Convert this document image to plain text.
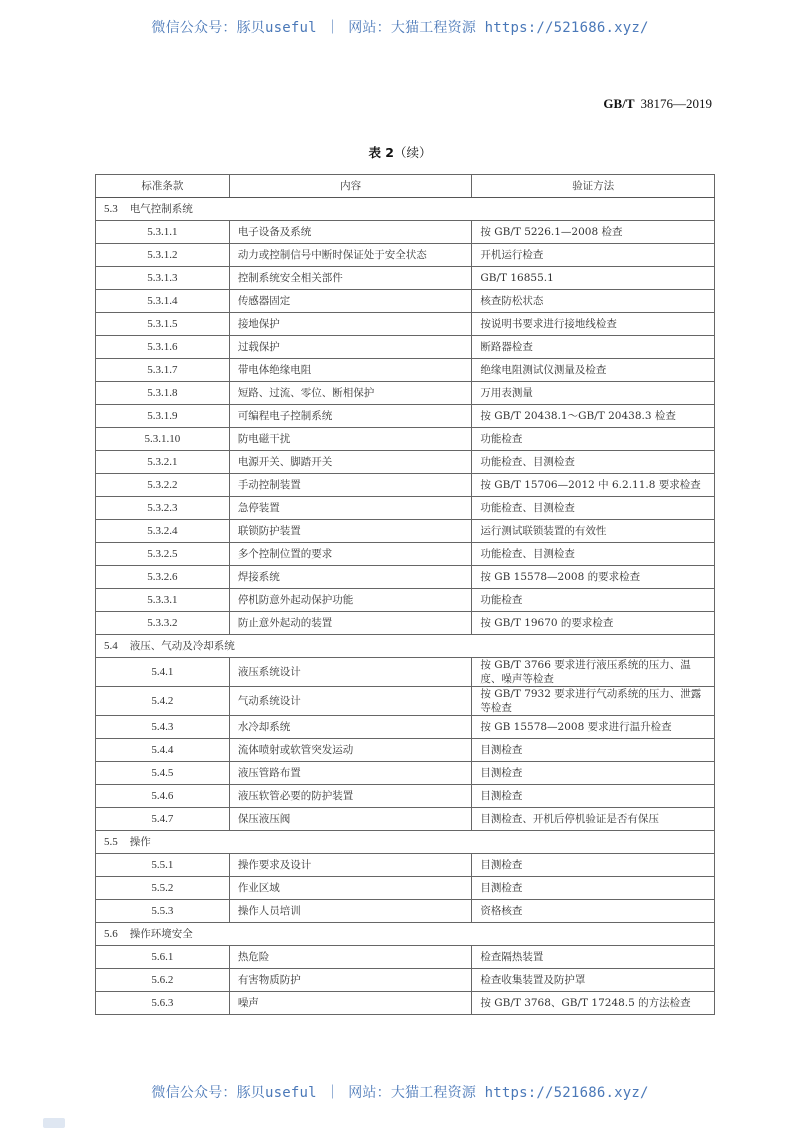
微信公众号：豚贝useful ｜ 网站：大猫工程资源 https://521686.xyz/
GB/T 38176—2019
表 2（续）
标准条款	内容	验证方法
5.3 电气控制系统		
5.3.1.1	电子设备及系统	按 GB/T 5226.1—2008 检查
5.3.1.2	动力或控制信号中断时保证处于安全状态	开机运行检查
5.3.1.3	控制系统安全相关部件	GB/T 16855.1
5.3.1.4	传感器固定	核查防松状态
5.3.1.5	接地保护	按说明书要求进行接地线检查
5.3.1.6	过载保护	断路器检查
5.3.1.7	带电体绝缘电阻	绝缘电阻测试仪测量及检查
5.3.1.8	短路、过流、零位、断相保护	万用表测量
5.3.1.9	可编程电子控制系统	按 GB/T 20438.1～GB/T 20438.3 检查
5.3.1.10	防电磁干扰	功能检查
5.3.2.1	电源开关、脚踏开关	功能检查、目测检查
5.3.2.2	手动控制装置	按 GB/T 15706—2012 中 6.2.11.8 要求检查
5.3.2.3	急停装置	功能检查、目测检查
5.3.2.4	联锁防护装置	运行测试联锁装置的有效性
5.3.2.5	多个控制位置的要求	功能检查、目测检查
5.3.2.6	焊接系统	按 GB 15578—2008 的要求检查
5.3.3.1	停机防意外起动保护功能	功能检查
5.3.3.2	防止意外起动的装置	按 GB/T 19670 的要求检查
5.4 液压、气动及冷却系统		
5.4.1	液压系统设计	按 GB/T 3766 要求进行液压系统的压力、温度、噪声等检查
5.4.2	气动系统设计	按 GB/T 7932 要求进行气动系统的压力、泄露等检查
5.4.3	水冷却系统	按 GB 15578—2008 要求进行温升检查
5.4.4	流体喷射或软管突发运动	目测检查
5.4.5	液压管路布置	目测检查
5.4.6	液压软管必要的防护装置	目测检查
5.4.7	保压液压阀	目测检查、开机后停机验证是否有保压
5.5 操作		
5.5.1	操作要求及设计	目测检查
5.5.2	作业区域	目测检查
5.5.3	操作人员培训	资格核查
5.6 操作环境安全		
5.6.1	热危险	检查隔热装置
5.6.2	有害物质防护	检查收集装置及防护罩
5.6.3	噪声	按 GB/T 3768、GB/T 17248.5 的方法检查
微信公众号：豚贝useful ｜ 网站：大猫工程资源 https://521686.xyz/
